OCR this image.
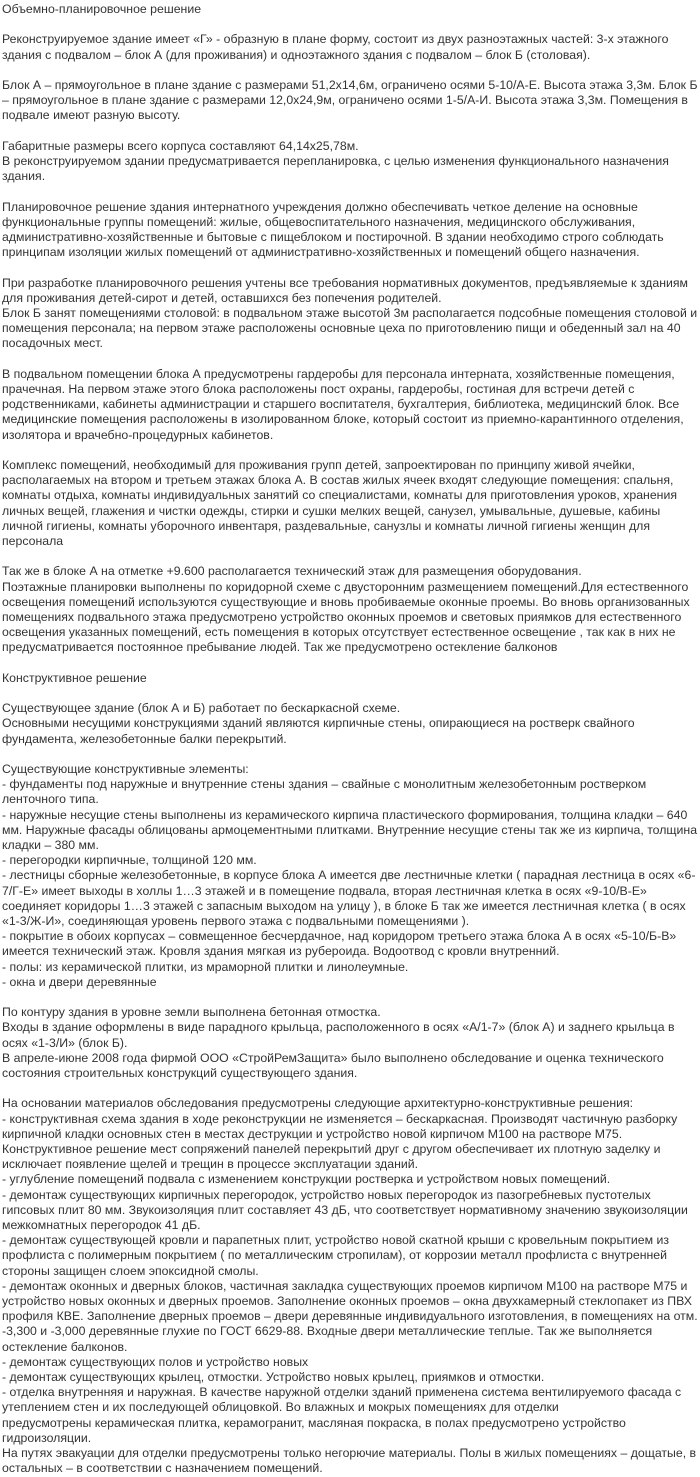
Объемно-планировочное решение

Реконструируемое здание имеет «Г» - образную в плане форму, состоит из двух разноэтажных частей: 3-х этажного здания с подвалом – блок А (для проживания) и одноэтажного здания с подвалом – блок Б (столовая).

Блок А – прямоугольное в плане здание с размерами 51,2х14,6м, ограничено осями 5-10/А-Е. Высота этажа 3,3м. Блок Б – прямоугольное в плане здание с размерами 12,0х24,9м, ограничено осями 1-5/А-И. Высота этажа 3,3м. Помещения в подвале имеют разную высоту.

Габаритные размеры всего корпуса составляют 64,14х25,78м.
В реконструируемом здании предусматривается перепланировка, с целью изменения функционального назначения здания.

Планировочное решение здания интернатного учреждения должно обеспечивать четкое деление на основные функциональные группы помещений: жилые, общевоспитательного назначения, медицинского обслуживания, административно-хозяйственные и бытовые с пищеблоком и постирочной. В здании необходимо строго соблюдать принципам изоляции жилых помещений от административно-хозяйственных и помещений общего назначения.

При разработке планировочного решения учтены все требования нормативных документов, предъявляемые к зданиям для проживания детей-сирот и детей, оставшихся без попечения родителей.
Блок Б занят помещениями столовой: в подвальном этаже высотой 3м располагается подсобные помещения столовой и помещения персонала; на первом этаже расположены основные цеха по приготовлению пищи и обеденный зал на 40 посадочных мест.

В подвальном помещении блока А предусмотрены гардеробы для персонала интерната, хозяйственные помещения, прачечная. На первом этаже этого блока расположены пост охраны, гардеробы, гостиная для встречи детей с родственниками, кабинеты администрации и старшего воспитателя, бухгалтерия, библиотека, медицинский блок. Все медицинские помещения расположены в изолированном блоке, который состоит из приемно-карантинного отделения, изолятора и врачебно-процедурных кабинетов.

Комплекс помещений, необходимый для проживания групп детей, запроектирован по принципу живой ячейки, располагаемых на втором и третьем этажах блока А. В состав жилых ячеек входят следующие помещения: спальня, комнаты отдыха, комнаты индивидуальных занятий со специалистами, комнаты для приготовления уроков, хранения личных вещей, глажения и чистки одежды, стирки и сушки мелких вещей, санузел, умывальные, душевые, кабины личной гигиены, комнаты уборочного инвентаря, раздевальные, санузлы и комнаты личной гигиены женщин для персонала

Так же в блоке А на отметке +9.600 располагается технический этаж для размещения оборудования.
Поэтажные планировки выполнены по коридорной схеме с двусторонним размещением помещений.Для естественного освещения помещений используются существующие и вновь пробиваемые оконные проемы. Во вновь организованных помещениях подвального этажа предусмотрено устройство оконных проемов и световых приямков для естественного освещения указанных помещений, есть помещения в которых отсутствует естественное освещение , так как в них не предусматривается постоянное пребывание людей. Так же предусмотрено остекление балконов

Конструктивное решение

Существующее здание (блок А и Б) работает по бескаркасной схеме.
Основными несущими конструкциями зданий являются кирпичные стены, опирающиеся на ростверк свайного фундамента, железобетонные балки перекрытий.

Существующие конструктивные элементы:
- фундаменты под наружные и внутренние стены здания – свайные с монолитным железобетонным ростверком ленточного типа.
- наружные несущие стены выполнены из керамического кирпича пластического формирования, толщина кладки – 640 мм. Наружные фасады облицованы армоцементными плитками. Внутренние несущие стены так же из кирпича, толщина кладки – 380 мм.
- перегородки кирпичные, толщиной 120 мм.
- лестницы сборные железобетонные, в корпусе блока А имеется две лестничные клетки ( парадная лестница в осях «6-7/Г-Е» имеет выходы в холлы 1…3 этажей и в помещение подвала, вторая лестничная клетка в осях «9-10/В-Е» соединяет коридоры 1…3 этажей с запасным выходом на улицу ), в блоке Б так же имеется лестничная клетка ( в осях «1-3/Ж-И», соединяющая уровень первого этажа с подвальными помещениями ).
- покрытие в обоих корпусах – совмещенное бесчердачное, над коридором третьего этажа блока А в осях «5-10/Б-В» имеется технический этаж. Кровля здания мягкая из рубероида. Водоотвод с кровли внутренний.
- полы: из керамической плитки, из мраморной плитки и линолеумные.
- окна и двери деревянные

По контуру здания в уровне земли выполнена бетонная отмостка.
Входы в здание оформлены в виде парадного крыльца, расположенного в осях «А/1-7» (блок А) и заднего крыльца в осях «1-3/И» (блок Б).
В апреле-июне 2008 года фирмой ООО «СтройРемЗащита» было выполнено обследование и оценка технического состояния строительных конструкций существующего здания.

На основании материалов обследования предусмотрены следующие архитектурно-конструктивные решения:
- конструктивная схема здания в ходе реконструкции не изменяется – бескаркасная. Производят частичную разборку кирпичной кладки основных стен в местах деструкции и устройство новой кирпичом М100 на растворе М75. Конструктивное решение мест сопряжений панелей перекрытий друг с другом обеспечивает их плотную заделку и исключает появление щелей и трещин в процессе эксплуатации зданий.
- углубление помещений подвала с изменением конструкции ростверка и устройством новых помещений.
- демонтаж существующих кирпичных перегородок, устройство новых перегородок из пазогребневых пустотелых гипсовых плит 80 мм. Звукоизоляция плит составляет 43 дБ, что соответствует нормативному значению звукоизоляции межкомнатных перегородок 41 дБ.
- демонтаж существующей кровли и парапетных плит, устройство новой скатной крыши с кровельным покрытием из профлиста с полимерным покрытием ( по металлическим стропилам), от коррозии металл профлиста с внутренней стороны защищен слоем эпоксидной смолы.
- демонтаж оконных и дверных блоков, частичная закладка существующих проемов кирпичом М100 на растворе М75 и устройство новых оконных и дверных проемов. Заполнение оконных проемов – окна двухкамерный стеклопакет из ПВХ профиля КВЕ. Заполнение дверных проемов – двери деревянные индивидуального изготовления, в помещениях на отм. -3,300 и -3,000 деревянные глухие по ГОСТ 6629-88. Входные двери металлические теплые. Так же выполняется остекление балконов.
- демонтаж существующих полов и устройство новых
- демонтаж существующих крылец, отмостки. Устройство новых крылец, приямков и отмостки.
- отделка внутренняя и наружная. В качестве наружной отделки зданий применена система вентилируемого фасада с утеплением стен и их последующей облицовкой. Во влажных и мокрых помещениях для отделки
предусмотрены керамическая плитка, керамогранит, масляная покраска, в полах предусмотрено устройство гидроизоляции.
На путях эвакуации для отделки предусмотрены только негорючие материалы. Полы в жилых помещениях – дощатые, в остальных – в соответствии с назначением помещений.
